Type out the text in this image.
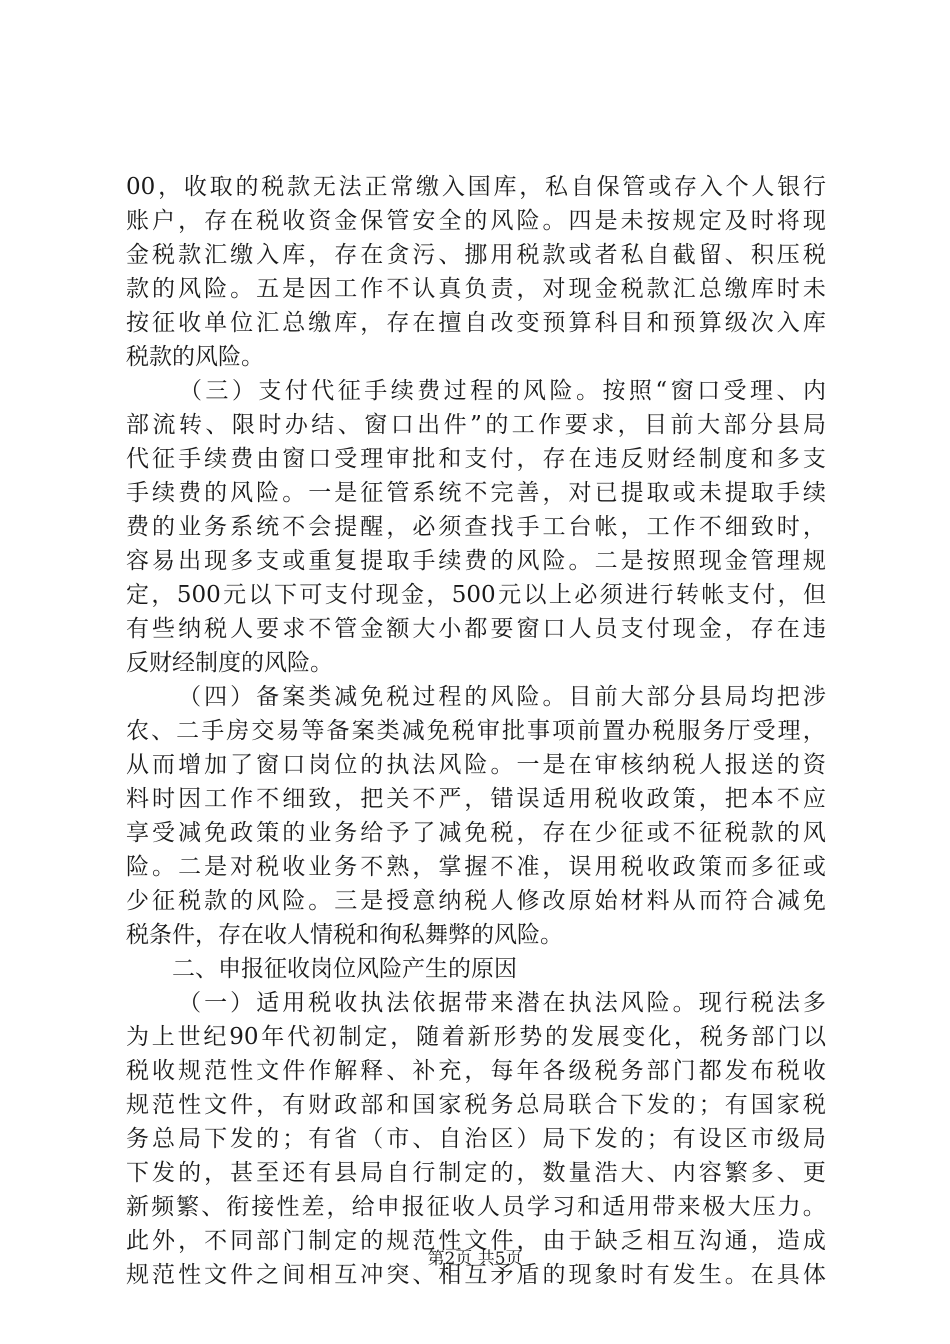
00 ， 收 取 的 税 款 无 法 正 常 缴 入 国 库 ， 私 自 保 管 或 存 入 个 人 银 行
账 户 ， 存 在 税 收 资 金 保 管 安 全 的 风 险 。 四 是 未 按 规 定 及 时 将 现
金 税 款 汇 缴 入 库 ， 存 在 贪 污 、 挪 用 税 款 或 者 私 自 截 留 、 积 压 税
款 的 风 险 。 五 是 因 工 作 不 认 真 负 责 ， 对 现 金 税 款 汇 总 缴 库 时 未
按 征 收 单 位 汇 总 缴 库 ， 存 在 擅 自 改 变 预 算 科 目 和 预 算 级 次 入 库
税款的风险。

（ 三 ） 支 付 代 征 手 续 费 过 程 的 风 险 。 按 照 “ 窗 口 受 理 、 内
部 流 转 、 限 时 办 结 、 窗 口 出 件 ” 的 工 作 要 求 ， 目 前 大 部 分 县 局
代 征 手 续 费 由 窗 口 受 理 审 批 和 支 付 ， 存 在 违 反 财 经 制 度 和 多 支
手 续 费 的 风 险 。 一 是 征 管 系 统 不 完 善 ， 对 已 提 取 或 未 提 取 手 续
费 的 业 务 系 统 不 会 提 醒 ， 必 须 查 找 手 工 台 帐 ， 工 作 不 细 致 时 ，
容 易 出 现 多 支 或 重 复 提 取 手 续 费 的 风 险 。 二 是 按 照 现 金 管 理 规
定 ， 500 元 以 下 可 支 付 现 金 ， 500 元 以 上 必 须 进 行 转 帐 支 付 ， 但
有 些 纳 税 人 要 求 不 管 金 额 大 小 都 要 窗 口 人 员 支 付 现 金 ， 存 在 违
反财经制度的风险。

（ 四 ） 备 案 类 减 免 税 过 程 的 风 险 。 目 前 大 部 分 县 局 均 把 涉
农 、 二 手 房 交 易 等 备 案 类 减 免 税 审 批 事 项 前 置 办 税 服 务 厅 受 理 ，
从 而 增 加 了 窗 口 岗 位 的 执 法 风 险 。 一 是 在 审 核 纳 税 人 报 送 的 资
料 时 因 工 作 不 细 致 ， 把 关 不 严 ， 错 误 适 用 税 收 政 策 ， 把 本 不 应
享 受 减 免 政 策 的 业 务 给 予 了 减 免 税 ， 存 在 少 征 或 不 征 税 款 的 风
险 。 二 是 对 税 收 业 务 不 熟 ， 掌 握 不 准 ， 误 用 税 收 政 策 而 多 征 或
少 征 税 款 的 风 险 。 三 是 授 意 纳 税 人 修 改 原 始 材 料 从 而 符 合 减 免
税条件，存在收人情税和徇私舞弊的风险。
　　二、申报征收岗位风险产生的原因

（ 一 ） 适 用 税 收 执 法 依 据 带 来 潜 在 执 法 风 险 。 现 行 税 法 多
为 上 世 纪 90 年 代 初 制 定 ， 随 着 新 形 势 的 发 展 变 化 ， 税 务 部 门 以
税 收 规 范 性 文 件 作 解 释 、 补 充 ， 每 年 各 级 税 务 部 门 都 发 布 税 收
规 范 性 文 件 ， 有 财 政 部 和 国 家 税 务 总 局 联 合 下 发 的 ； 有 国 家 税
务 总 局 下 发 的 ； 有 省 （ 市 、 自 治 区 ） 局 下 发 的 ； 有 设 区 市 级 局
下 发 的 ， 甚 至 还 有 县 局 自 行 制 定 的 ， 数 量 浩 大 、 内 容 繁 多 、 更
新 频 繁 、 衔 接 性 差 ， 给 申 报 征 收 人 员 学 习 和 适 用 带 来 极 大 压 力 。
此 外 ， 不 同 部 门 制 定 的 规 范 性 文 件 ， 由 于 缺 乏 相 互 沟 通 ， 造 成
规 范 性 文 件 之 间 相 互 冲 突 、 相 互 矛 盾 的 现 象 时 有 发 生 。 在 具 体
第2页 共5页
